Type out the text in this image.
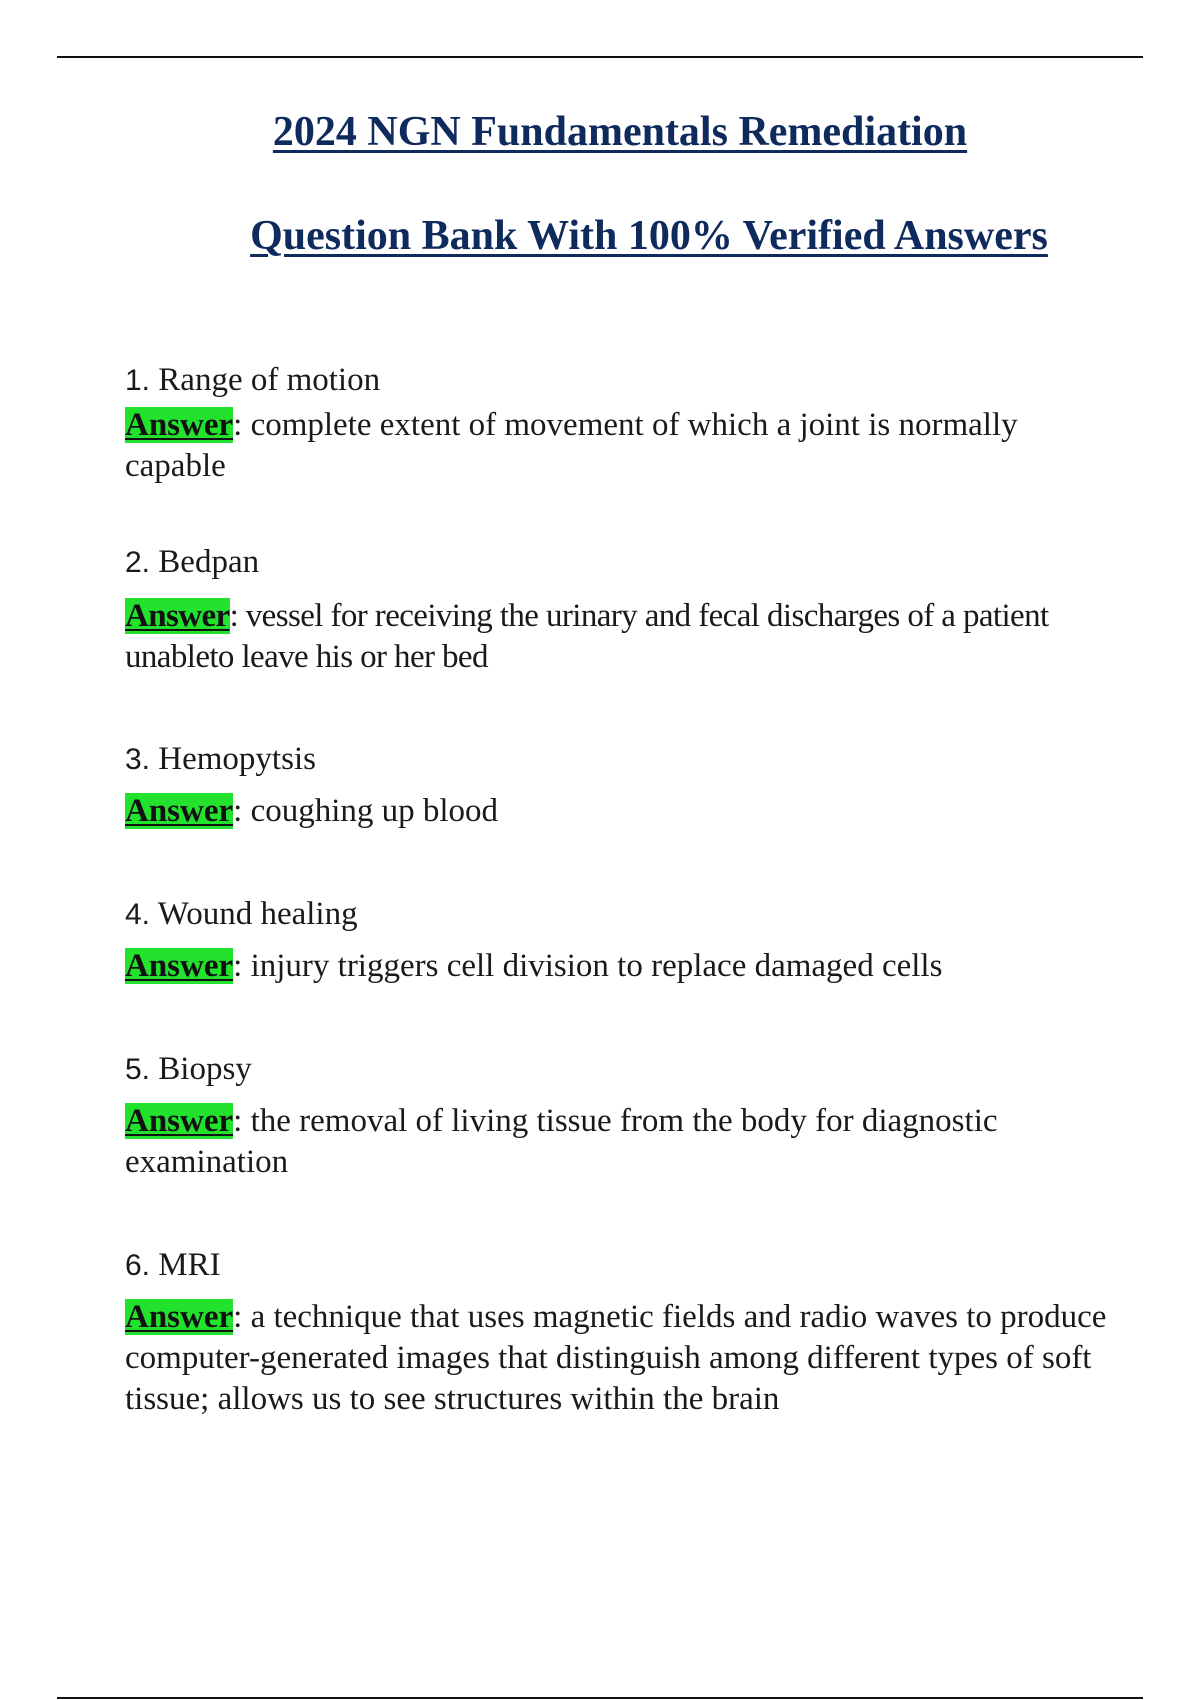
2024 NGN Fundamentals Remediation
Question Bank With 100% Verified Answers
1. Range of motion
Answer: complete extent of movement of which a joint is normally capable
2. Bedpan
Answer: vessel for receiving the urinary and fecal discharges of a patient unableto leave his or her bed
3. Hemopytsis
Answer: coughing up blood
4. Wound healing
Answer: injury triggers cell division to replace damaged cells
5. Biopsy
Answer: the removal of living tissue from the body for diagnostic examination
6. MRI
Answer: a technique that uses magnetic fields and radio waves to produce computer-generated images that distinguish among different types of soft tissue; allows us to see structures within the brain
